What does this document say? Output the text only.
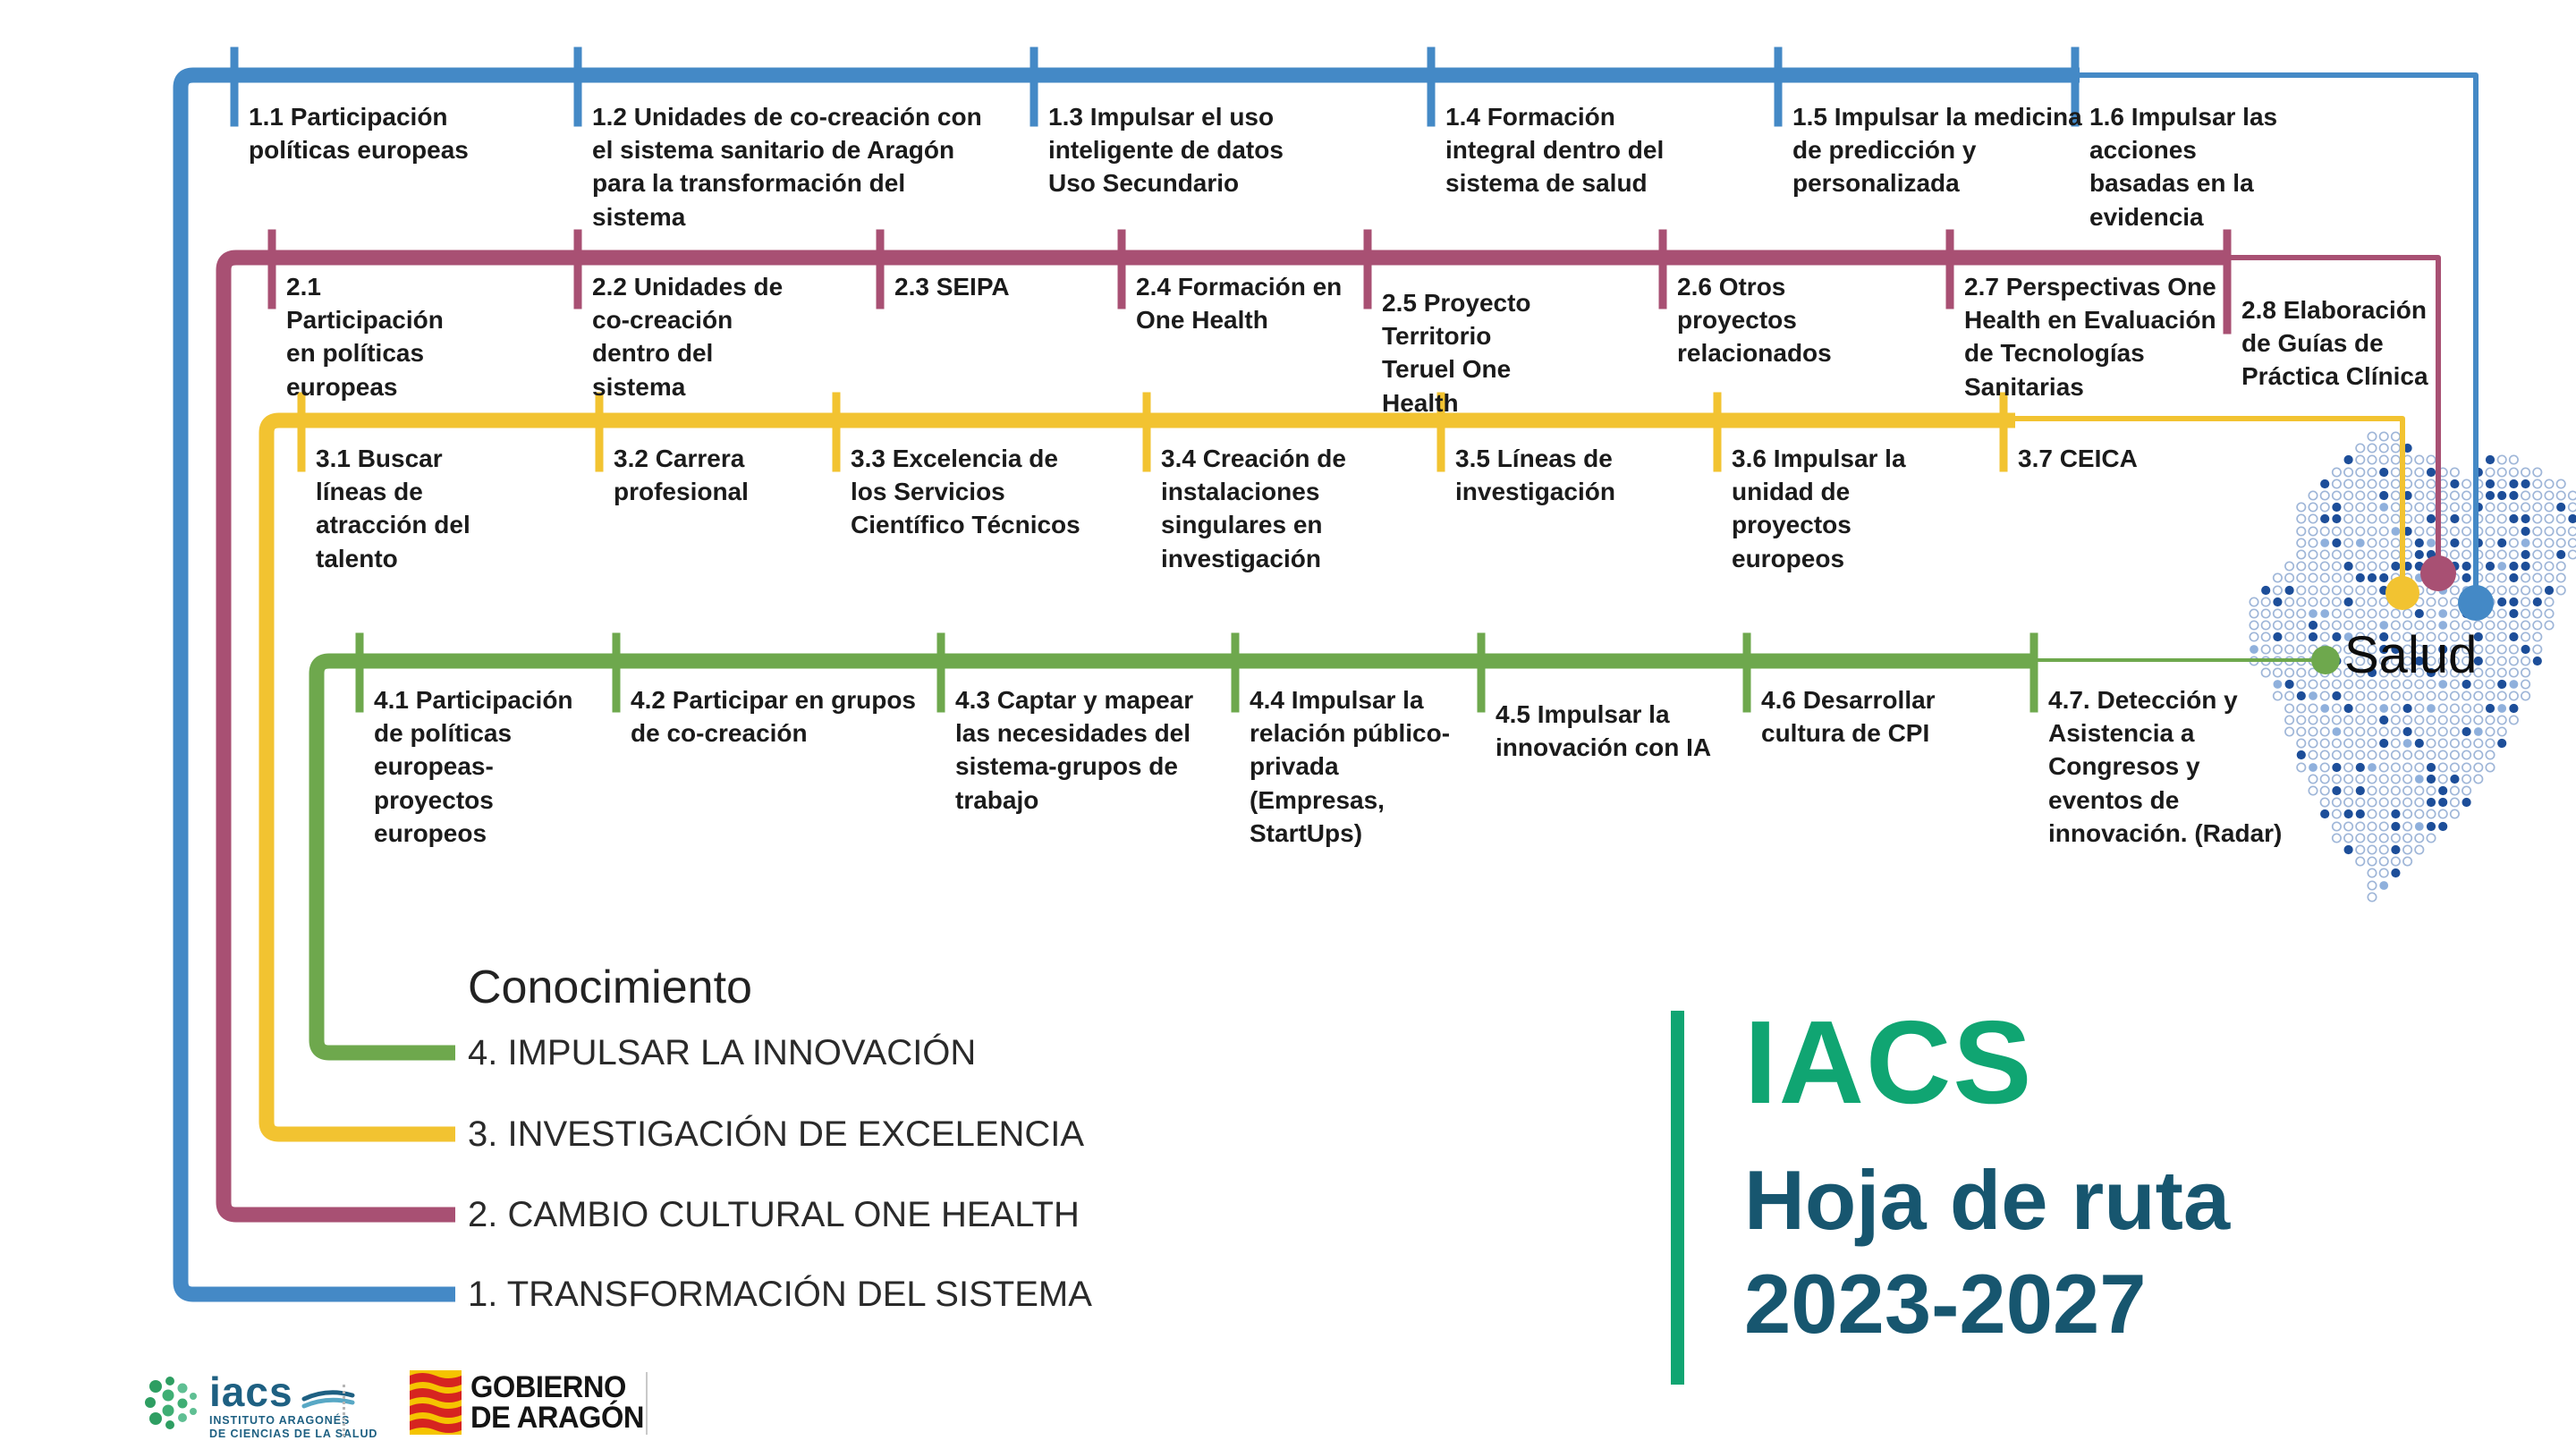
1.1 Participación políticas europeas
1.2 Unidades de co-creación con el sistema sanitario de Aragón para la transformación del sistema
1.3 Impulsar el uso inteligente de datos Uso Secundario
1.4 Formación integral dentro del sistema de salud
1.5 Impulsar la medicina de predicción y personalizada
1.6 Impulsar las acciones basadas en la evidencia
2.1 Participación en políticas europeas
2.2 Unidades de co-creación dentro del sistema
2.3 SEIPA	2.4 Formación en One Health
2.5 Proyecto Territorio Teruel One Health
2.6 Otros proyectos relacionados
2.7 Perspectivas One Health en Evaluación de Tecnologías Sanitarias
2.8 Elaboración de Guías de Práctica Clínica
3.1 Buscar líneas de atracción del talento
3.2 Carrera profesional
3.3 Excelencia de los Servicios Científico Técnicos
3.4 Creación de instalaciones singulares en investigación
3.5 Líneas de investigación
3.6 Impulsar la unidad de proyectos europeos
3.7 CEICA
4.1 Participación de políticas europeas- proyectos europeos
4.2 Participar en grupos de co-creación
4.3 Captar y mapear las necesidades del sistema-grupos de trabajo
4.4 Impulsar la relación público-privada (Empresas, StartUps)
4.5 Impulsar la innovación con IA
4.6 Desarrollar cultura de CPI
4.7. Detección y Asistencia a Congresos y eventos de innovación. (Radar)
Conocimiento
4. IMPULSAR LA INNOVACIÓN
3. INVESTIGACIÓN DE EXCELENCIA
2. CAMBIO CULTURAL ONE HEALTH
1. TRANSFORMACIÓN DEL SISTEMA
Salud
IACS
Hoja de ruta
2023-2027
iacs
INSTITUTO ARAGONÉS
DE CIENCIAS DE LA SALUD
GOBIERNO
DE ARAGÓN
